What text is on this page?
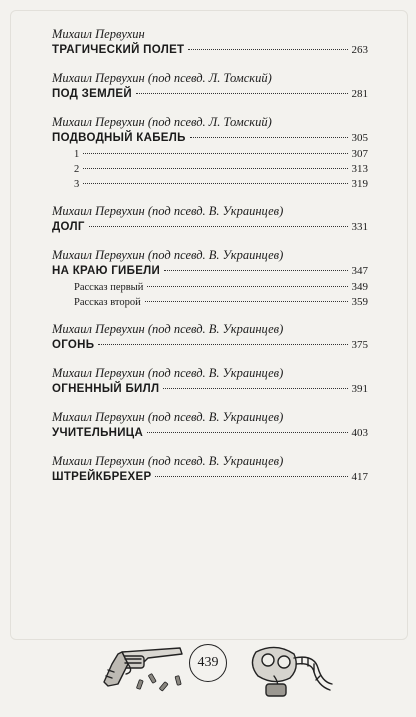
Михаил Первухин
ТРАГИЧЕСКИЙ ПОЛЕТ	263
Михаил Первухин (под псевд. Л. Томский)
ПОД ЗЕМЛЕЙ	281
Михаил Первухин (под псевд. Л. Томский)
ПОДВОДНЫЙ КАБЕЛЬ	305
1	307
2	313
3	319
Михаил Первухин (под псевд. В. Украинцев)
ДОЛГ	331
Михаил Первухин (под псевд. В. Украинцев)
НА КРАЮ ГИБЕЛИ	347
Рассказ первый	349
Рассказ второй	359
Михаил Первухин (под псевд. В. Украинцев)
ОГОНЬ	375
Михаил Первухин (под псевд. В. Украинцев)
ОГНЕННЫЙ БИЛЛ	391
Михаил Первухин (под псевд. В. Украинцев)
УЧИТЕЛЬНИЦА	403
Михаил Первухин (под псевд. В. Украинцев)
ШТРЕЙКБРЕХЕР	417
439
